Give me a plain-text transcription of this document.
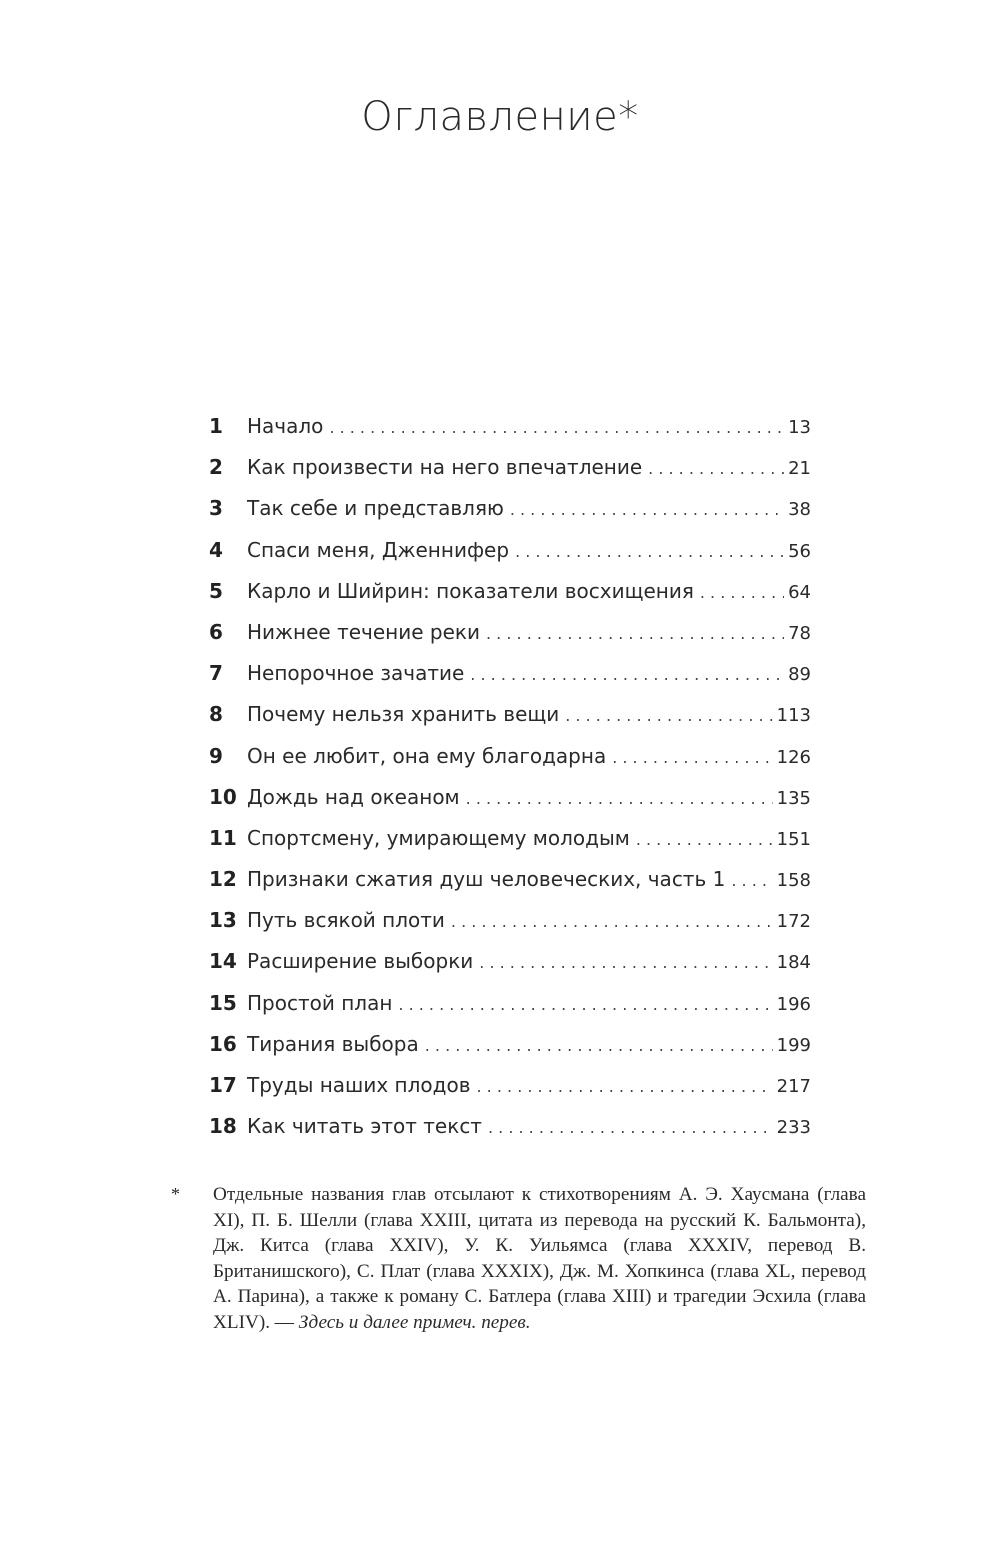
Оглавление*
1	Начало . . .	13
2	Как произвести на него впечатление . . .	21
3	Так себе и представляю . . .	38
4	Спаси меня, Дженнифер . . .	56
5	Карло и Шийрин: показатели восхищения . . .	64
6	Нижнее течение реки . . .	78
7	Непорочное зачатие . . .	89
8	Почему нельзя хранить вещи . . .	113
9	Он ее любит, она ему благодарна . . .	126
10 Дождь над океаном . . .	135
11 Спортсмену, умирающему молодым . . .	151
12 Признаки сжатия душ человеческих, часть 1 . . .	158
13 Путь всякой плоти . . .	172
14 Расширение выборки . . .	184
15 Простой план . . .	196
16 Тирания выбора . . .	199
17 Труды наших плодов . . .	217
18 Как читать этот текст . . .	233
* Отдельные названия глав отсылают к стихотворениям А. Э. Хаусмана (глава XI), П. Б. Шелли (глава XXIII, цитата из перевода на русский К. Бальмонта), Дж. Китса (глава XXIV), У. К. Уильямса (глава XXXIV, перевод В. Британишского), С. Плат (глава XXXIX), Дж. М. Хопкинса (глава XL, перевод А. Парина), а также к роману С. Батлера (глава XIII) и трагедии Эсхила (глава XLIV). — Здесь и далее примеч. перев.
